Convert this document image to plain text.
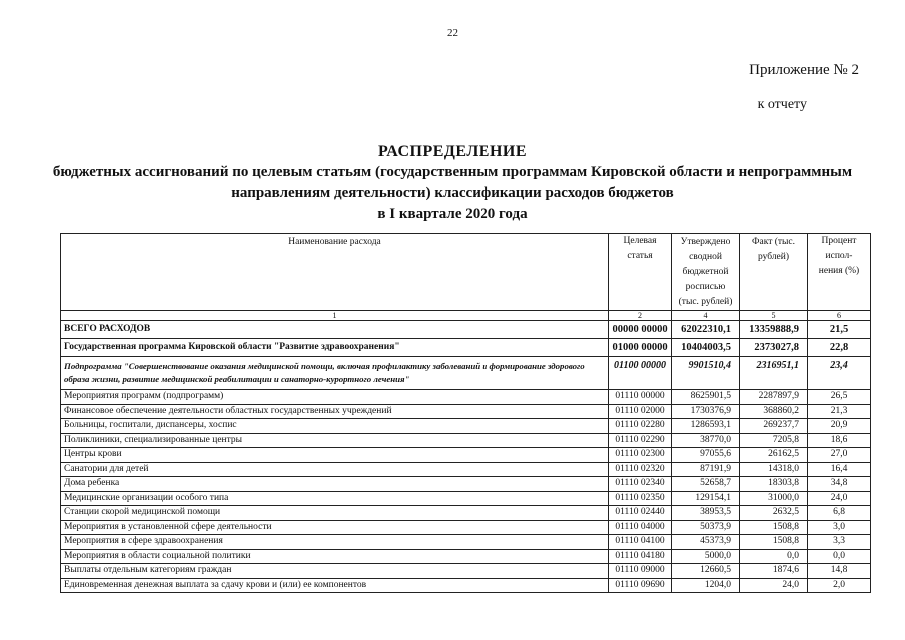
22
Приложение № 2
к отчету
РАСПРЕДЕЛЕНИЕ
бюджетных ассигнований по целевым статьям (государственным программам Кировской области и непрограммным
направлениям деятельности) классификации расходов бюджетов
в I квартале 2020 года
Наименование расхода	Целевая статья	Утверждено сводной бюджетной росписью (тыс. рублей)	Факт (тыс. рублей)	Процент испол- нения (%)
1	2	4	5	6
ВСЕГО РАСХОДОВ	00000 00000	62022310,1	13359888,9	21,5
Государственная программа Кировской области "Развитие здравоохранения"	01000 00000	10404003,5	2373027,8	22,8
Подпрограмма "Совершенствование оказания медицинской помощи, включая профилактику заболеваний и формирование здорового образа жизни, развитие медицинской реабилитации и санаторно-курортного лечения"	01100 00000	9901510,4	2316951,1	23,4
Мероприятия программ (подпрограмм)	01110 00000	8625901,5	2287897,9	26,5
Финансовое обеспечение деятельности областных государственных учреждений	01110 02000	1730376,9	368860,2	21,3
Больницы, госпитали, диспансеры, хоспис	01110 02280	1286593,1	269237,7	20,9
Поликлиники, специализированные центры	01110 02290	38770,0	7205,8	18,6
Центры крови	01110 02300	97055,6	26162,5	27,0
Санатории для детей	01110 02320	87191,9	14318,0	16,4
Дома ребенка	01110 02340	52658,7	18303,8	34,8
Медицинские организации особого типа	01110 02350	129154,1	31000,0	24,0
Станции скорой медицинской помощи	01110 02440	38953,5	2632,5	6,8
Мероприятия в установленной сфере деятельности	01110 04000	50373,9	1508,8	3,0
Мероприятия в сфере здравоохранения	01110 04100	45373,9	1508,8	3,3
Мероприятия в области социальной политики	01110 04180	5000,0	0,0	0,0
Выплаты отдельным категориям граждан	01110 09000	12660,5	1874,6	14,8
Единовременная денежная выплата за сдачу крови и (или) ее компонентов	01110 09690	1204,0	24,0	2,0
